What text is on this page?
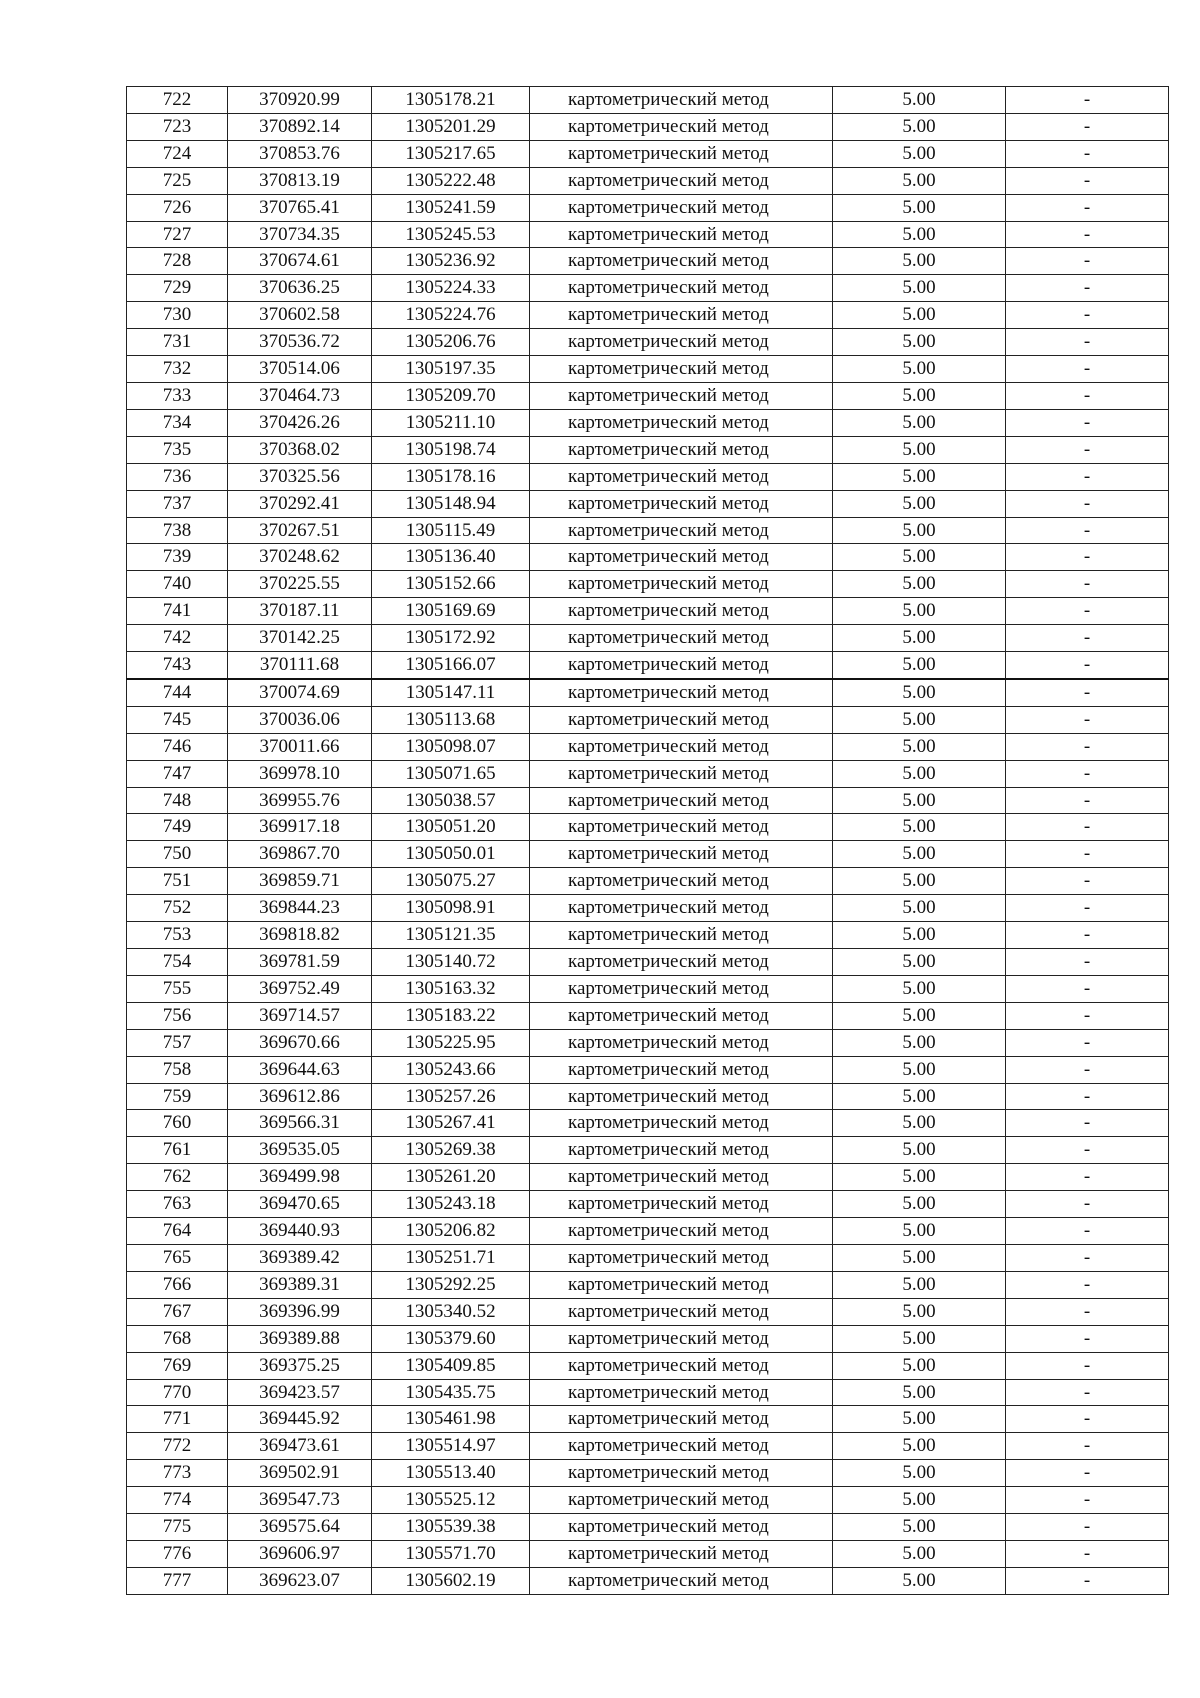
722	370920.99	1305178.21	картометрический метод	5.00	-
723	370892.14	1305201.29	картометрический метод	5.00	-
724	370853.76	1305217.65	картометрический метод	5.00	-
725	370813.19	1305222.48	картометрический метод	5.00	-
726	370765.41	1305241.59	картометрический метод	5.00	-
727	370734.35	1305245.53	картометрический метод	5.00	-
728	370674.61	1305236.92	картометрический метод	5.00	-
729	370636.25	1305224.33	картометрический метод	5.00	-
730	370602.58	1305224.76	картометрический метод	5.00	-
731	370536.72	1305206.76	картометрический метод	5.00	-
732	370514.06	1305197.35	картометрический метод	5.00	-
733	370464.73	1305209.70	картометрический метод	5.00	-
734	370426.26	1305211.10	картометрический метод	5.00	-
735	370368.02	1305198.74	картометрический метод	5.00	-
736	370325.56	1305178.16	картометрический метод	5.00	-
737	370292.41	1305148.94	картометрический метод	5.00	-
738	370267.51	1305115.49	картометрический метод	5.00	-
739	370248.62	1305136.40	картометрический метод	5.00	-
740	370225.55	1305152.66	картометрический метод	5.00	-
741	370187.11	1305169.69	картометрический метод	5.00	-
742	370142.25	1305172.92	картометрический метод	5.00	-
743	370111.68	1305166.07	картометрический метод	5.00	-
744	370074.69	1305147.11	картометрический метод	5.00	-
745	370036.06	1305113.68	картометрический метод	5.00	-
746	370011.66	1305098.07	картометрический метод	5.00	-
747	369978.10	1305071.65	картометрический метод	5.00	-
748	369955.76	1305038.57	картометрический метод	5.00	-
749	369917.18	1305051.20	картометрический метод	5.00	-
750	369867.70	1305050.01	картометрический метод	5.00	-
751	369859.71	1305075.27	картометрический метод	5.00	-
752	369844.23	1305098.91	картометрический метод	5.00	-
753	369818.82	1305121.35	картометрический метод	5.00	-
754	369781.59	1305140.72	картометрический метод	5.00	-
755	369752.49	1305163.32	картометрический метод	5.00	-
756	369714.57	1305183.22	картометрический метод	5.00	-
757	369670.66	1305225.95	картометрический метод	5.00	-
758	369644.63	1305243.66	картометрический метод	5.00	-
759	369612.86	1305257.26	картометрический метод	5.00	-
760	369566.31	1305267.41	картометрический метод	5.00	-
761	369535.05	1305269.38	картометрический метод	5.00	-
762	369499.98	1305261.20	картометрический метод	5.00	-
763	369470.65	1305243.18	картометрический метод	5.00	-
764	369440.93	1305206.82	картометрический метод	5.00	-
765	369389.42	1305251.71	картометрический метод	5.00	-
766	369389.31	1305292.25	картометрический метод	5.00	-
767	369396.99	1305340.52	картометрический метод	5.00	-
768	369389.88	1305379.60	картометрический метод	5.00	-
769	369375.25	1305409.85	картометрический метод	5.00	-
770	369423.57	1305435.75	картометрический метод	5.00	-
771	369445.92	1305461.98	картометрический метод	5.00	-
772	369473.61	1305514.97	картометрический метод	5.00	-
773	369502.91	1305513.40	картометрический метод	5.00	-
774	369547.73	1305525.12	картометрический метод	5.00	-
775	369575.64	1305539.38	картометрический метод	5.00	-
776	369606.97	1305571.70	картометрический метод	5.00	-
777	369623.07	1305602.19	картометрический метод	5.00	-
